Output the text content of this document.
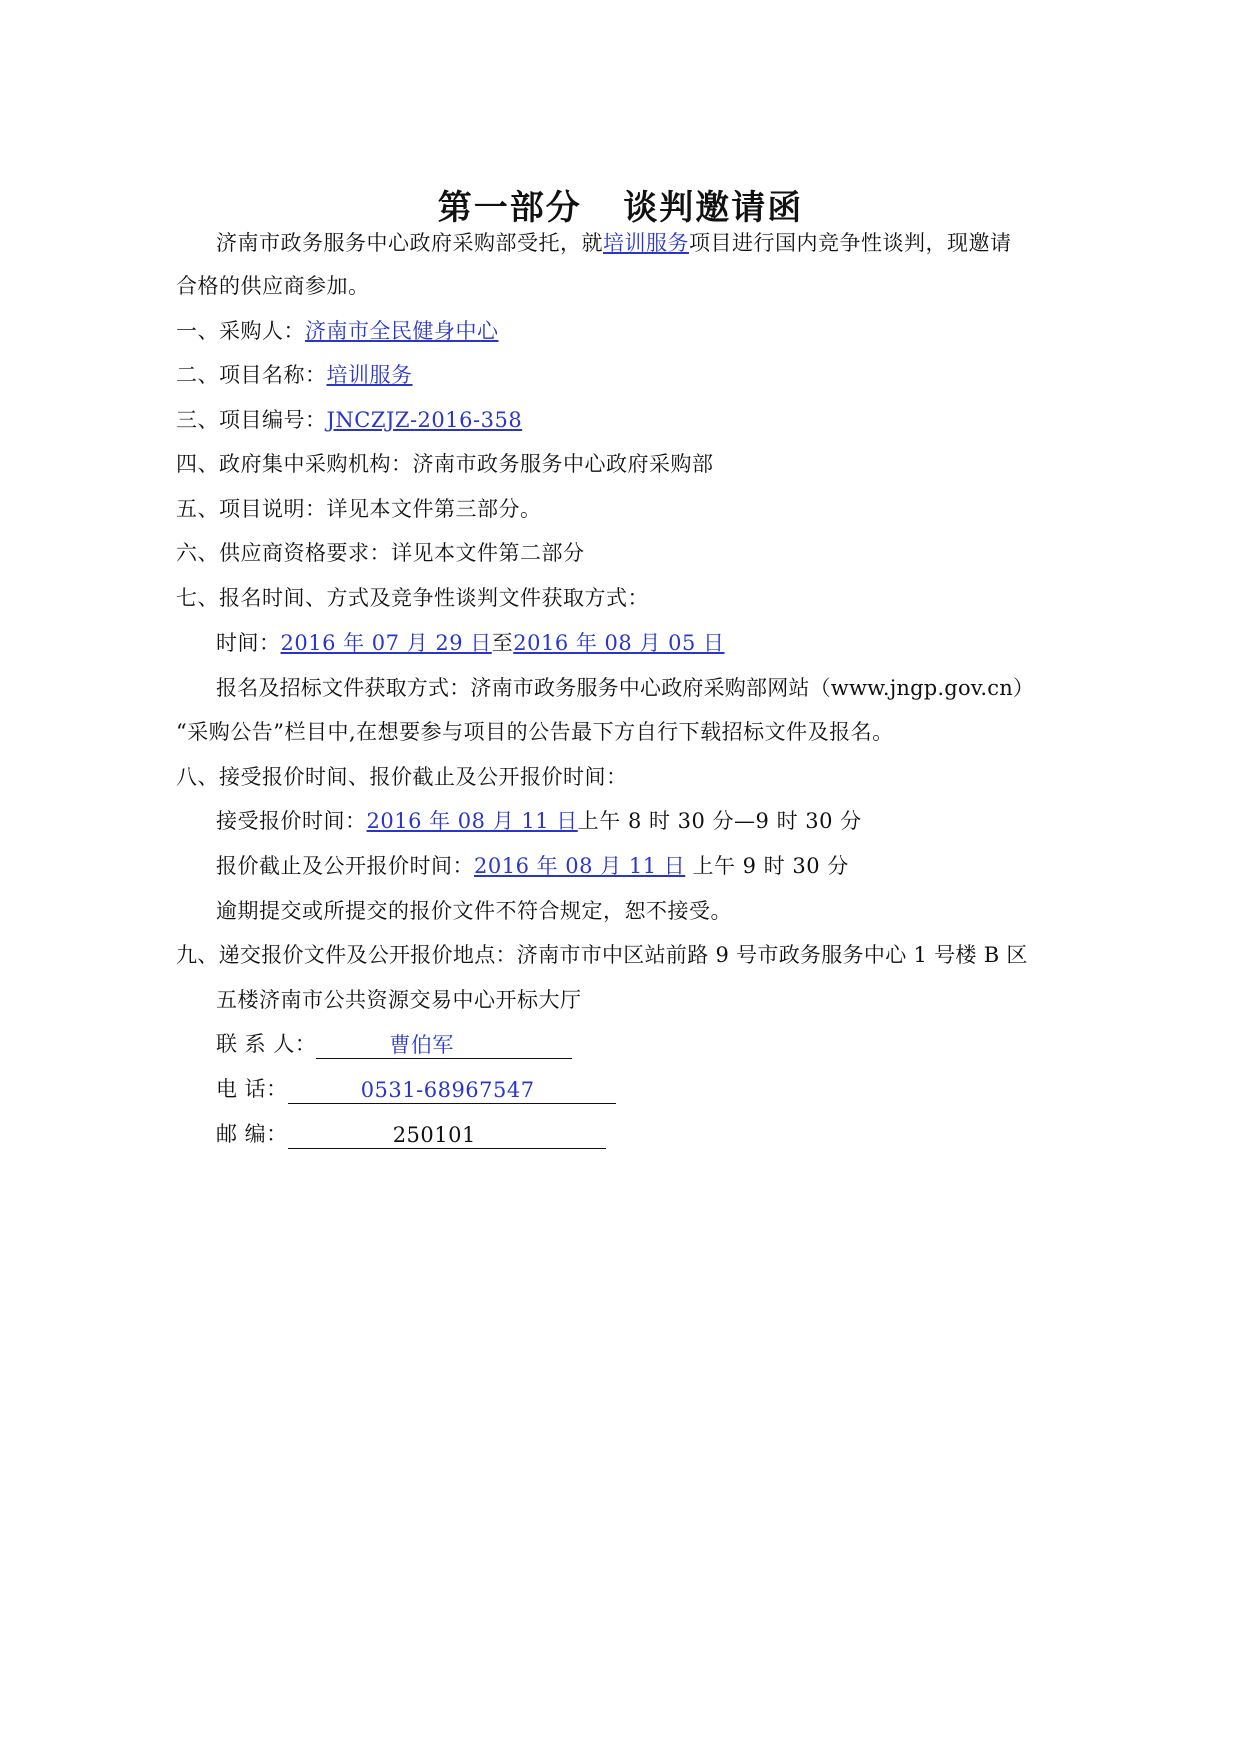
第一部分   谈判邀请函
济南市政务服务中心政府采购部受托，就培训服务项目进行国内竞争性谈判，现邀请
合格的供应商参加。
一、采购人：济南市全民健身中心
二、项目名称：培训服务
三、项目编号：JNCZJZ-2016-358
四、政府集中采购机构：济南市政务服务中心政府采购部
五、项目说明：详见本文件第三部分。
六、供应商资格要求：详见本文件第二部分
七、报名时间、方式及竞争性谈判文件获取方式：
时间：2016 年 07 月 29 日至2016 年 08 月 05 日
报名及招标文件获取方式：济南市政务服务中心政府采购部网站（www.jngp.gov.cn）
“采购公告”栏目中,在想要参与项目的公告最下方自行下载招标文件及报名。
八、接受报价时间、报价截止及公开报价时间：
接受报价时间：2016 年 08 月 11 日上午 8 时 30 分—9 时 30 分
报价截止及公开报价时间：2016 年 08 月 11 日 上午 9 时 30 分
逾期提交或所提交的报价文件不符合规定，恕不接受。
九、递交报价文件及公开报价地点：济南市市中区站前路 9 号市政务服务中心 1 号楼 B 区
五楼济南市公共资源交易中心开标大厅
联 系 人：	曹伯军
电 话：	0531-68967547
邮 编：	250101
